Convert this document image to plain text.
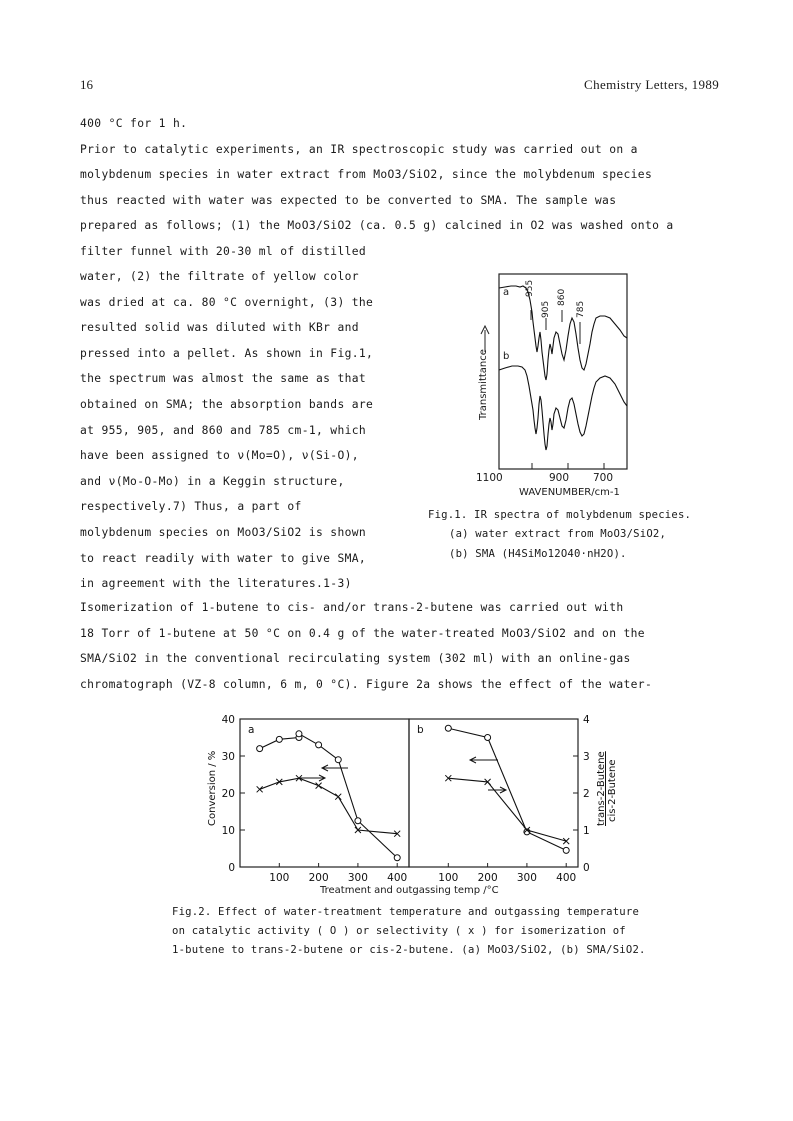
16	Chemistry Letters, 1989
400 °C for 1 h.
Prior to catalytic experiments, an IR spectroscopic study was carried out on a
molybdenum species in water extract from MoO3/SiO2, since the molybdenum species
thus reacted with water was expected to be converted to SMA. The sample was
prepared as follows; (1) the MoO3/SiO2 (ca. 0.5 g) calcined in O2 was washed onto a
filter funnel with 20-30 ml of distilled
water, (2) the filtrate of yellow color
was dried at ca. 80 °C overnight, (3) the
resulted solid was diluted with KBr and
pressed into a pellet. As shown in Fig.1,
the spectrum was almost the same as that
obtained on SMA; the absorption bands are
at 955, 905, and 860 and 785 cm-1, which
have been assigned to ν(Mo=O), ν(Si-O),
and ν(Mo-O-Mo) in a Keggin structure,
respectively.7) Thus, a part of
molybdenum species on MoO3/SiO2 is shown
to react readily with water to give SMA,
in agreement with the literatures.1-3)
Isomerization of 1-butene to cis- and/or trans-2-butene was carried out with
18 Torr of 1-butene at 50 °C on 0.4 g of the water-treated MoO3/SiO2 and on the
SMA/SiO2 in the conventional recirculating system (302 ml) with an online-gas
chromatograph (VZ-8 column, 6 m, 0 °C). Figure 2a shows the effect of the water-
a
b
955
905
860
785
Transmittance
1100	900 700
WAVENUMBER/cm-1
Fig.1. IR spectra of molybdenum species.
(a) water extract from MoO3/SiO2,
(b) SMA (H4SiMo12O40·nH2O).
0
10
20
30
40
0
1
2
3
4
100 200 300 400	100 200 300 400
Conversion / %	trans-2-Butene cis-2-Butene
a	b
Treatment and outgassing temp /°C
Fig.2. Effect of water-treatment temperature and outgassing temperature
on catalytic activity ( O ) or selectivity ( x ) for isomerization of
1-butene to trans-2-butene or cis-2-butene. (a) MoO3/SiO2, (b) SMA/SiO2.
